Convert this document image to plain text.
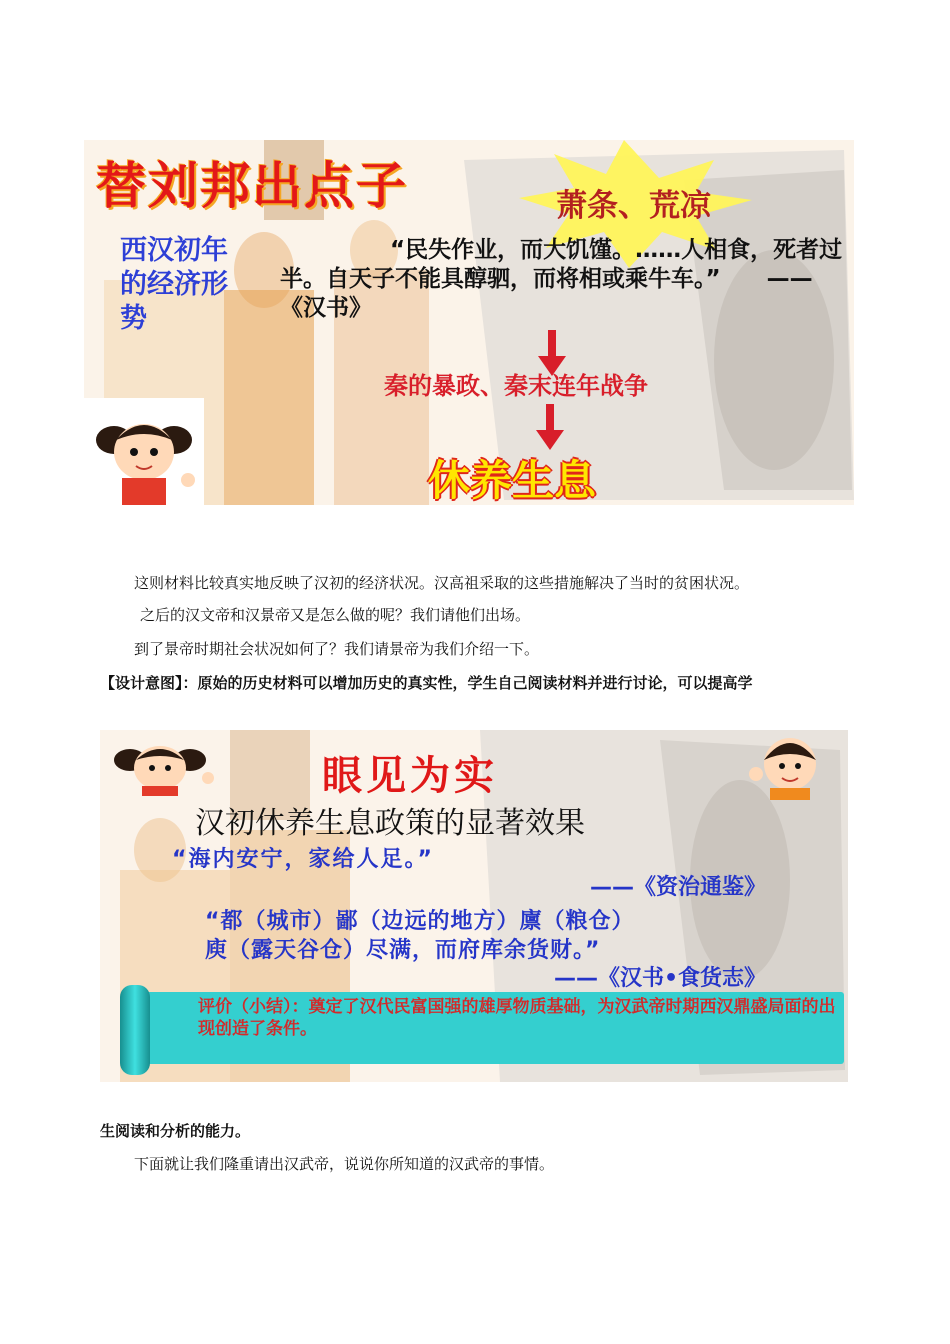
替刘邦出点子	萧条、荒凉
西汉初年的经济形势
“民失作业，而大饥馑。……人相食，死者过半。自天子不能具醇驷，而将相或乘牛车。”　　——《汉书》
秦的暴政、秦末连年战争
休养生息
这则材料比较真实地反映了汉初的经济状况。汉高祖采取的这些措施解决了当时的贫困状况。
之后的汉文帝和汉景帝又是怎么做的呢？我们请他们出场。
到了景帝时期社会状况如何了？我们请景帝为我们介绍一下。
【设计意图】：原始的历史材料可以增加历史的真实性，学生自己阅读材料并进行讨论，可以提高学
眼见为实
汉初休养生息政策的显著效果
“海内安宁，家给人足。”
——《资治通鉴》
“都（城市）鄙（边远的地方）廪（粮仓）
庾（露天谷仓）尽满，而府库余货财。”
——《汉书•食货志》
评价（小结）：奠定了汉代民富国强的雄厚物质基础，为汉武帝时期西汉鼎盛局面的出现创造了条件。
生阅读和分析的能力。
下面就让我们隆重请出汉武帝，说说你所知道的汉武帝的事情。
